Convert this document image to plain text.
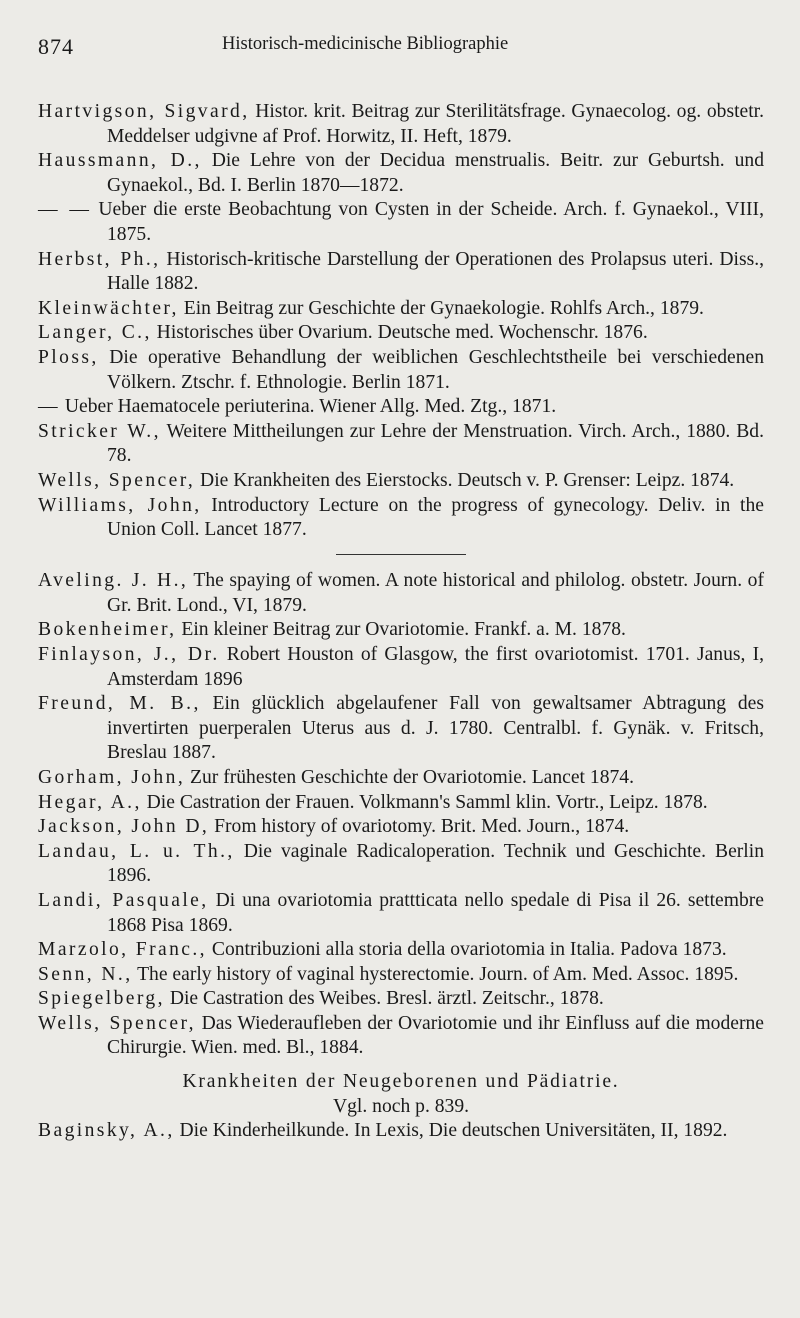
874	Historisch-medicinische Bibliographie

Hartvigson, Sigvard, Histor. krit. Beitrag zur Sterilitätsfrage. Gynaecolog. og. obstetr. Meddelser udgivne af Prof. Horwitz, II. Heft, 1879.

Haussmann, D., Die Lehre von der Decidua menstrualis. Beitr. zur Geburtsh. und Gynaekol., Bd. I. Berlin 1870—1872.

— — Ueber die erste Beobachtung von Cysten in der Scheide. Arch. f. Gynaekol., VIII, 1875.

Herbst, Ph., Historisch-kritische Darstellung der Operationen des Prolapsus uteri. Diss., Halle 1882.

Kleinwächter, Ein Beitrag zur Geschichte der Gynaekologie. Rohlfs Arch., 1879.

Langer, C., Historisches über Ovarium. Deutsche med. Wochenschr. 1876.

Ploss, Die operative Behandlung der weiblichen Geschlechtstheile bei verschiedenen Völkern. Ztschr. f. Ethnologie. Berlin 1871.

— Ueber Haematocele periuterina. Wiener Allg. Med. Ztg., 1871.

Stricker W., Weitere Mittheilungen zur Lehre der Menstruation. Virch. Arch., 1880. Bd. 78.

Wells, Spencer, Die Krankheiten des Eierstocks. Deutsch v. P. Grenser: Leipz. 1874.

Williams, John, Introductory Lecture on the progress of gynecology. Deliv. in the Union Coll. Lancet 1877.

Aveling. J. H., The spaying of women. A note historical and philolog. obstetr. Journ. of Gr. Brit. Lond., VI, 1879.

Bokenheimer, Ein kleiner Beitrag zur Ovariotomie. Frankf. a. M. 1878.

Finlayson, J., Dr. Robert Houston of Glasgow, the first ovariotomist. 1701. Janus, I, Amsterdam 1896

Freund, M. B., Ein glücklich abgelaufener Fall von gewaltsamer Abtragung des invertirten puerperalen Uterus aus d. J. 1780. Centralbl. f. Gynäk. v. Fritsch, Breslau 1887.

Gorham, John, Zur frühesten Geschichte der Ovariotomie. Lancet 1874.

Hegar, A., Die Castration der Frauen. Volkmann's Samml klin. Vortr., Leipz. 1878.

Jackson, John D, From history of ovariotomy. Brit. Med. Journ., 1874.

Landau, L. u. Th., Die vaginale Radicaloperation. Technik und Geschichte. Berlin 1896.

Landi, Pasquale, Di una ovariotomia prattticata nello spedale di Pisa il 26. settembre 1868 Pisa 1869.

Marzolo, Franc., Contribuzioni alla storia della ovariotomia in Italia. Padova 1873.

Senn, N., The early history of vaginal hysterectomie. Journ. of Am. Med. Assoc. 1895.

Spiegelberg, Die Castration des Weibes. Bresl. ärztl. Zeitschr., 1878.

Wells, Spencer, Das Wiederaufleben der Ovariotomie und ihr Einfluss auf die moderne Chirurgie. Wien. med. Bl., 1884.

Krankheiten der Neugeborenen und Pädiatrie.
Vgl. noch p. 839.

Baginsky, A., Die Kinderheilkunde. In Lexis, Die deutschen Universitäten, II, 1892.
